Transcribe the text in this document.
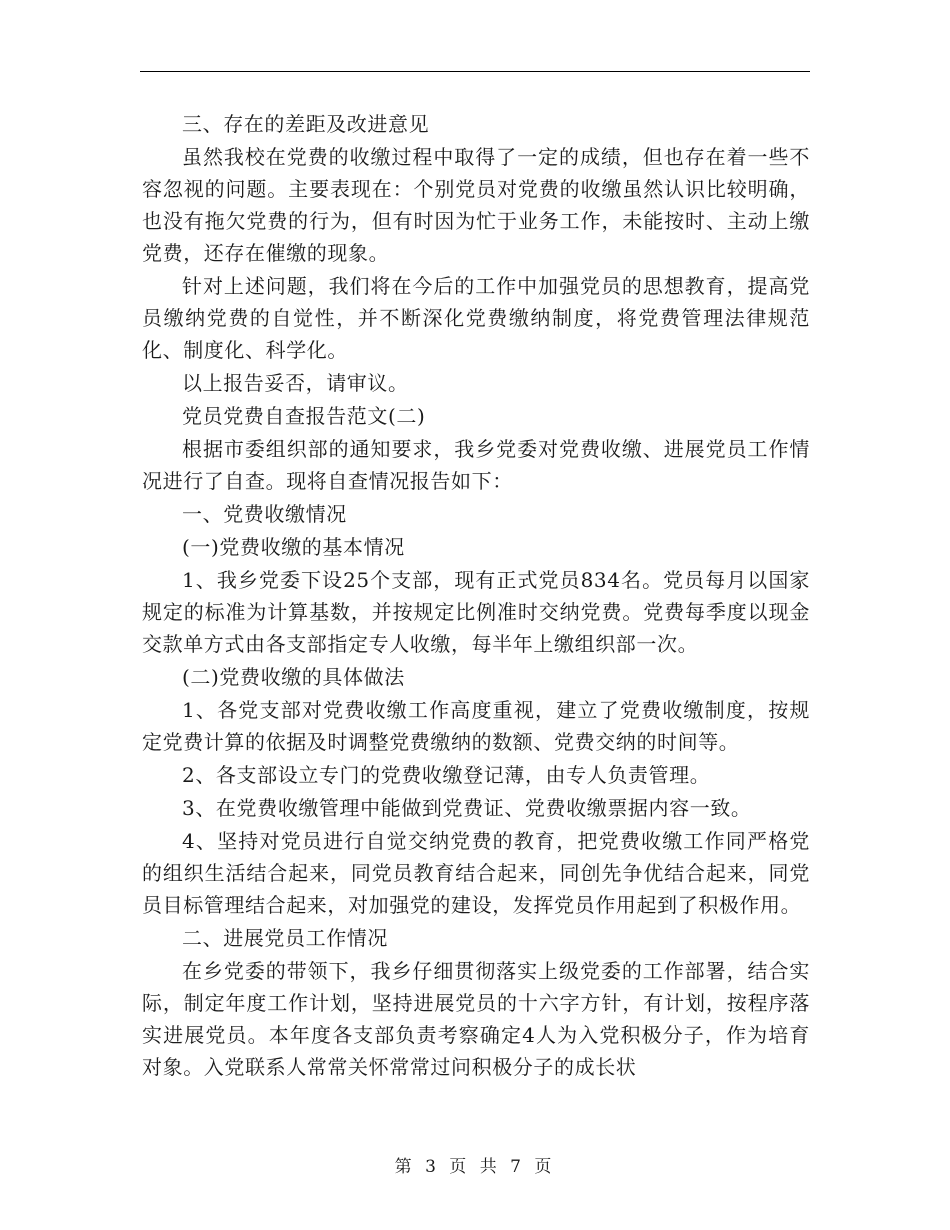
三、存在的差距及改进意见

虽然我校在党费的收缴过程中取得了一定的成绩，但也存在着一些不容忽视的问题。主要表现在：个别党员对党费的收缴虽然认识比较明确，也没有拖欠党费的行为，但有时因为忙于业务工作，未能按时、主动上缴党费，还存在催缴的现象。

针对上述问题，我们将在今后的工作中加强党员的思想教育，提高党员缴纳党费的自觉性，并不断深化党费缴纳制度，将党费管理法律规范化、制度化、科学化。

以上报告妥否，请审议。

党员党费自查报告范文(二)

根据市委组织部的通知要求，我乡党委对党费收缴、进展党员工作情况进行了自查。现将自查情况报告如下：

一、党费收缴情况

(一)党费收缴的基本情况

1、我乡党委下设25个支部，现有正式党员834名。党员每月以国家规定的标准为计算基数，并按规定比例准时交纳党费。党费每季度以现金交款单方式由各支部指定专人收缴，每半年上缴组织部一次。

(二)党费收缴的具体做法

1、各党支部对党费收缴工作高度重视，建立了党费收缴制度，按规定党费计算的依据及时调整党费缴纳的数额、党费交纳的时间等。

2、各支部设立专门的党费收缴登记薄，由专人负责管理。

3、在党费收缴管理中能做到党费证、党费收缴票据内容一致。

4、坚持对党员进行自觉交纳党费的教育，把党费收缴工作同严格党的组织生活结合起来，同党员教育结合起来，同创先争优结合起来，同党员目标管理结合起来，对加强党的建设，发挥党员作用起到了积极作用。

二、进展党员工作情况

在乡党委的带领下，我乡仔细贯彻落实上级党委的工作部署，结合实际，制定年度工作计划，坚持进展党员的十六字方针，有计划，按程序落实进展党员。本年度各支部负责考察确定4人为入党积极分子，作为培育对象。入党联系人常常关怀常常过问积极分子的成长状

第 3 页 共 7 页
